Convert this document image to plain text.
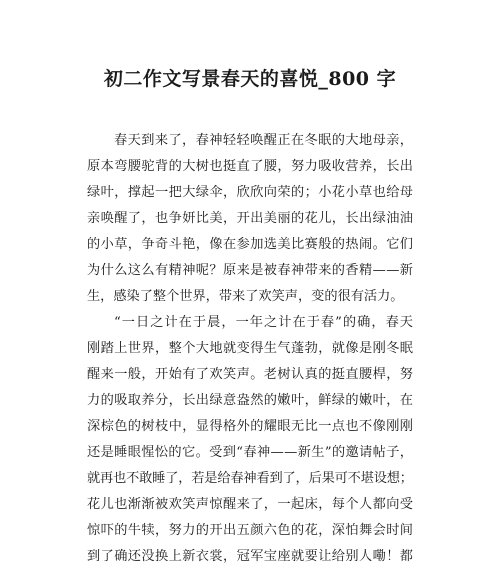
初二作文写景春天的喜悦_800 字
春天到来了，春神轻轻唤醒正在冬眠的大地母亲，
原本弯腰驼背的大树也挺直了腰，努力吸收营养，长出
绿叶，撑起一把大绿伞，欣欣向荣的；小花小草也给母
亲唤醒了，也争妍比美，开出美丽的花儿，长出绿油油
的小草，争奇斗艳，像在参加选美比赛般的热闹。它们
为什么这么有精神呢？原来是被春神带来的香精——新
生，感染了整个世界，带来了欢笑声，变的很有活力。
“一日之计在于晨，一年之计在于春”的确，春天
刚踏上世界，整个大地就变得生气蓬勃，就像是刚冬眠
醒来一般，开始有了欢笑声。老树认真的挺直腰桿，努
力的吸取养分，长出绿意盎然的嫩叶，鲜绿的嫩叶，在
深棕色的树枝中，显得格外的耀眼无比一点也不像刚刚
还是睡眼惺忪的它。受到“春神——新生”的邀请帖子，
就再也不敢睡了，若是给春神看到了，后果可不堪设想；
花儿也渐渐被欢笑声惊醒来了，一起床，每个人都向受
惊吓的牛犊，努力的开出五颜六色的花，深怕舞会时间
到了确还没换上新衣裳，冠军宝座就要让给别人嘞！都
